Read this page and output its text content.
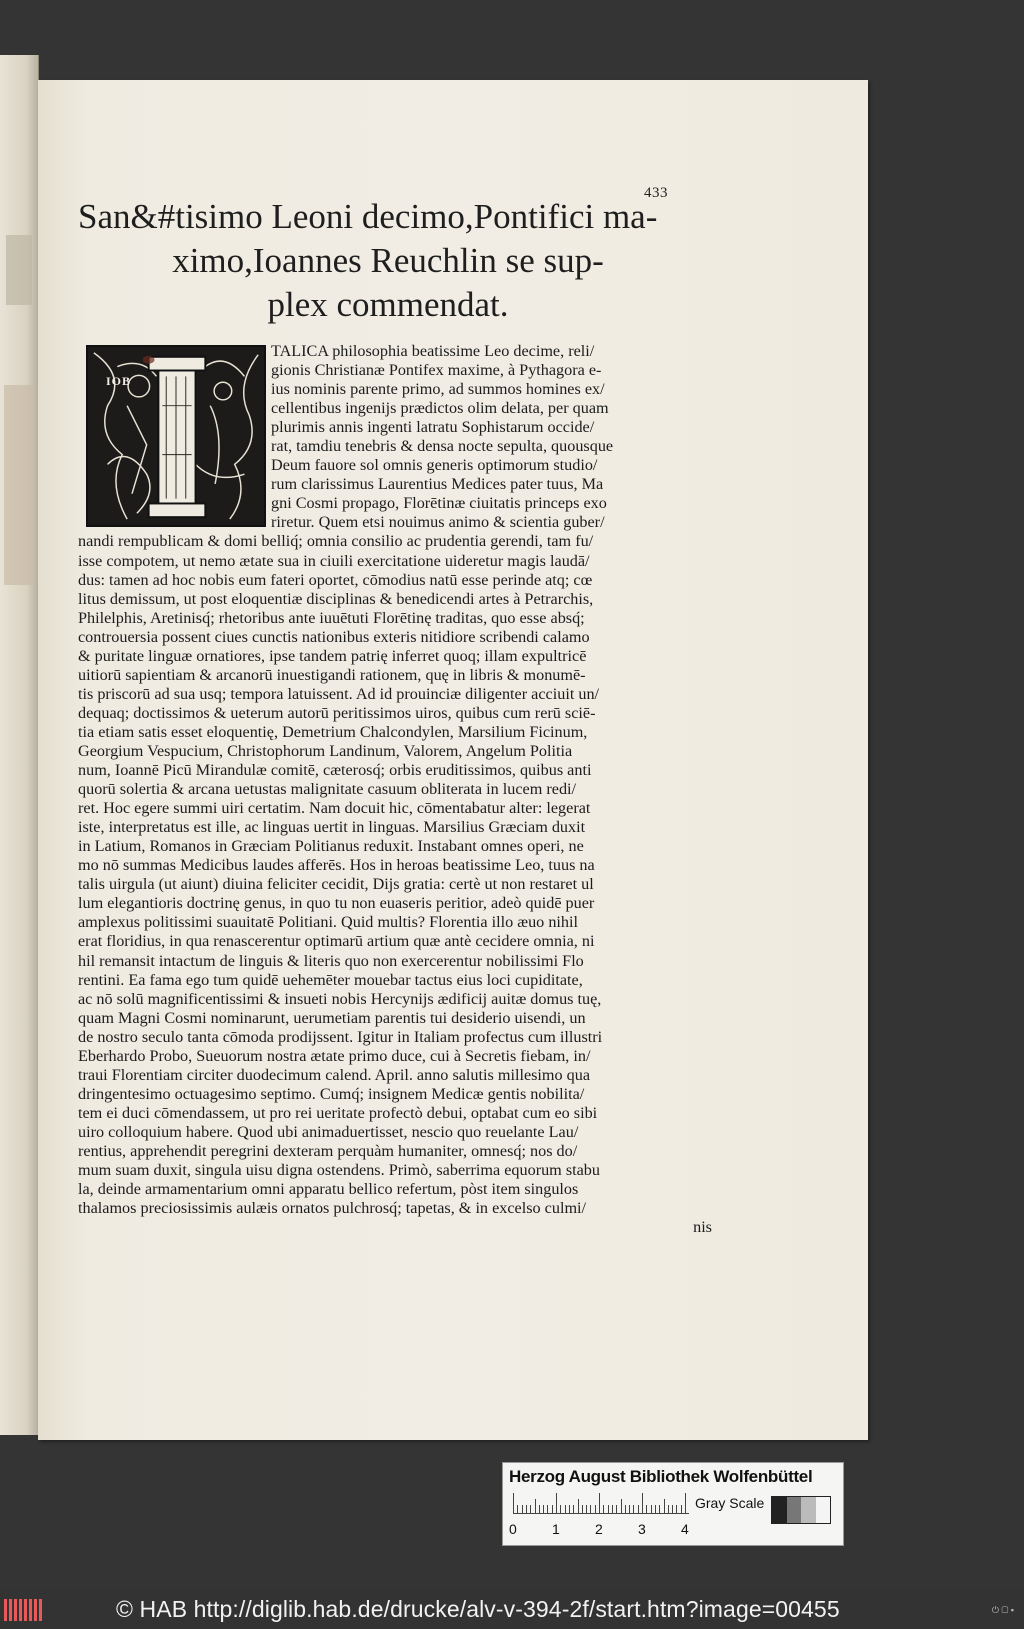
433
San&#tisimo Leoni decimo,Pontifici ma-
ximo,Ioannes Reuchlin se sup-
plex commendat.
IOB
TALICA philosophia beatissime Leo decime, reli/
gionis Christianæ Pontifex maxime, à Pythagora e-
ius nominis parente primo, ad summos homines ex/
cellentibus ingenijs prædictos olim delata, per quam
plurimis annis ingenti latratu Sophistarum occide/
rat, tamdiu tenebris & densa nocte sepulta, quousque
Deum fauore sol omnis generis optimorum studio/
rum clarissimus Laurentius Medices pater tuus, Ma
gni Cosmi propago, Florētinæ ciuitatis princeps exo
riretur. Quem etsi nouimus animo & scientia guber/
nandi rempublicam & domi belliq́; omnia consilio ac prudentia gerendi, tam fu/
isse compotem, ut nemo ætate sua in ciuili exercitatione uideretur magis laudā/
dus: tamen ad hoc nobis eum fateri oportet, cōmodius natū esse perinde atq; cœ
litus demissum, ut post eloquentiæ disciplinas & benedicendi artes à Petrarchis,
Philelphis, Aretinisq́; rhetoribus ante iuuētuti Florētinę traditas, quo esse absq́;
controuersia possent ciues cunctis nationibus exteris nitidiore scribendi calamo
& puritate linguæ ornatiores, ipse tandem patrię inferret quoq; illam expultricē
uitiorū sapientiam & arcanorū inuestigandi rationem, quę in libris & monumē-
tis priscorū ad sua usq; tempora latuissent. Ad id prouinciæ diligenter acciuit un/
dequaq; doctissimos & ueterum autorū peritissimos uiros, quibus cum rerū sciē-
tia etiam satis esset eloquentię, Demetrium Chalcondylen, Marsilium Ficinum,
Georgium Vespucium, Christophorum Landinum, Valorem, Angelum Politia
num, Ioannē Picū Mirandulæ comitē, cæterosq́; orbis eruditissimos, quibus anti
quorū solertia & arcana uetustas malignitate casuum obliterata in lucem redi/
ret. Hoc egere summi uiri certatim. Nam docuit hic, cōmentabatur alter: legerat
iste, interpretatus est ille, ac linguas uertit in linguas. Marsilius Græciam duxit
in Latium, Romanos in Græciam Politianus reduxit. Instabant omnes operi, ne
mo nō summas Medicibus laudes afferēs. Hos in heroas beatissime Leo, tuus na
talis uirgula (ut aiunt) diuina feliciter cecidit, Dijs gratia: certè ut non restaret ul
lum elegantioris doctrinę genus, in quo tu non euaseris peritior, adeò quidē puer
amplexus politissimi suauitatē Politiani. Quid multis? Florentia illo æuo nihil
erat floridius, in qua renascerentur optimarū artium quæ antè cecidere omnia, ni
hil remansit intactum de linguis & literis quo non exercerentur nobilissimi Flo
rentini. Ea fama ego tum quidē uehemēter mouebar tactus eius loci cupiditate,
ac nō solū magnificentissimi & insueti nobis Hercynijs ædificij auitæ domus tuę,
quam Magni Cosmi nominarunt, uerumetiam parentis tui desiderio uisendi, un
de nostro seculo tanta cōmoda prodijssent. Igitur in Italiam profectus cum illustri
Eberhardo Probo, Sueuorum nostra ætate primo duce, cui à Secretis fiebam, in/
traui Florentiam circiter duodecimum calend. April. anno salutis millesimo qua
dringentesimo octuagesimo septimo. Cumq́; insignem Medicæ gentis nobilita/
tem ei duci cōmendassem, ut pro rei ueritate profectò debui, optabat cum eo sibi
uiro colloquium habere. Quod ubi animaduertisset, nescio quo reuelante Lau/
rentius, apprehendit peregrini dexteram perquàm humaniter, omnesq́; nos do/
mum suam duxit, singula uisu digna ostendens. Primò, saberrima equorum stabu
la, deinde armamentarium omni apparatu bellico refertum, pòst item singulos
thalamos preciosissimis aulæis ornatos pulchrosq́; tapetas, & in excelso culmi/
nis
Herzog August Bibliothek Wolfenbüttel
0	1	2	3	4
Gray Scale
© HAB http://diglib.hab.de/drucke/alv-v-394-2f/start.htm?image=00455	⏻ ▢ ▪
